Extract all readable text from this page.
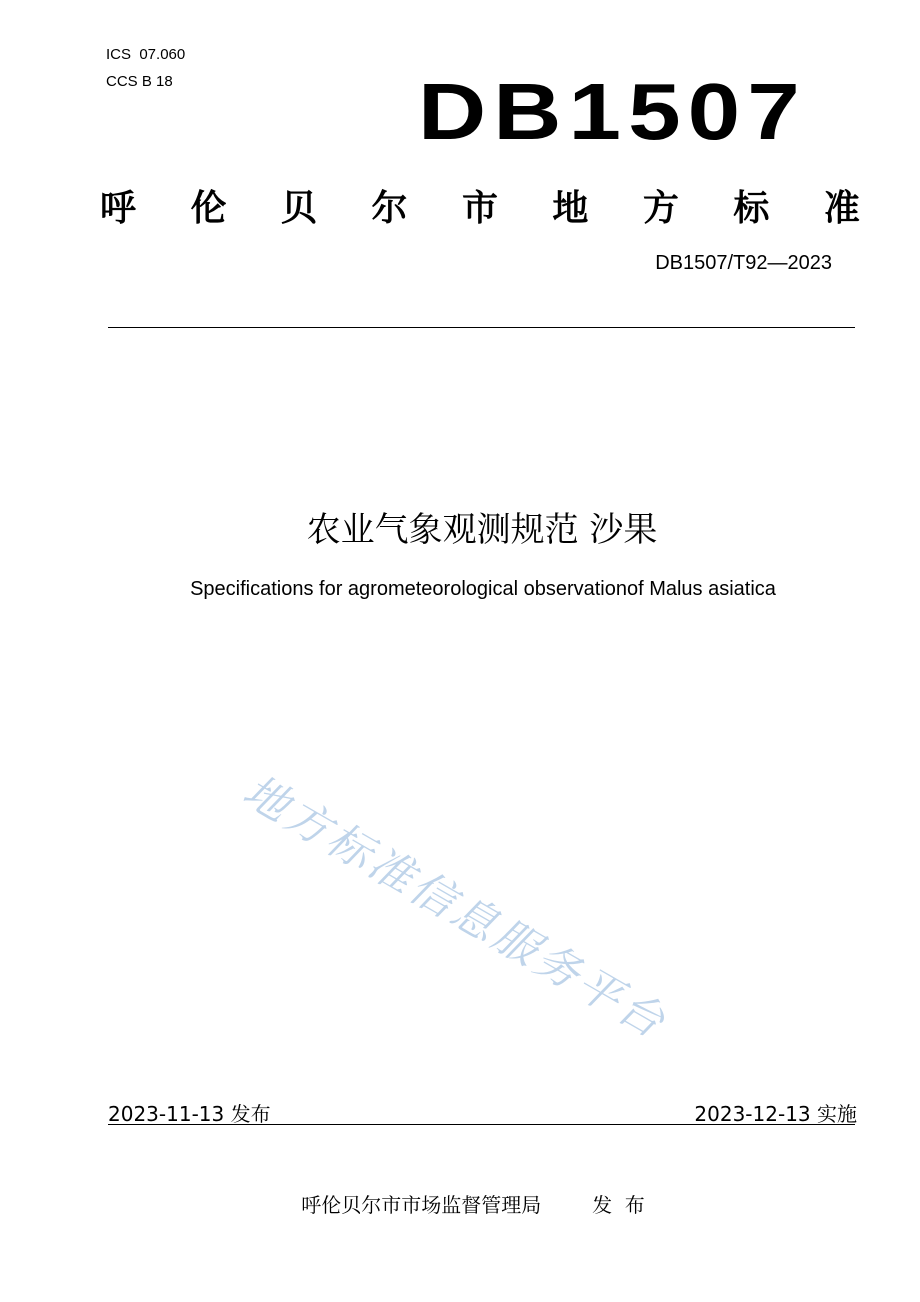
ICS  07.060
CCS B 18	DB1507
呼 伦 贝 尔 市 地 方 标 准
DB1507/T92—2023
农业气象观测规范 沙果
Specifications for agrometeorological observationof Malus asiatica
地方标准信息服务平台
2023-11-13 发布	2023-12-13 实施
呼伦贝尔市市场监督管理局	发  布
